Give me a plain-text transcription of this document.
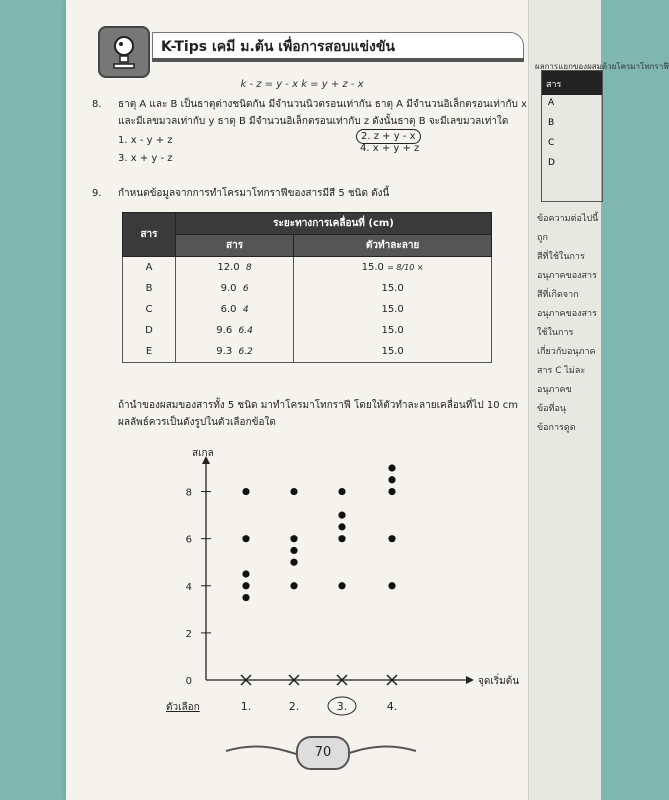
K-Tips เคมี ม.ต้น เพื่อการสอบแข่งขัน
k - z = y - x k = y + z - x
8. ธาตุ A และ B เป็นธาตุต่างชนิดกัน มีจำนวนนิวตรอนเท่ากัน ธาตุ A มีจำนวนอิเล็กตรอนเท่ากับ x
และมีเลขมวลเท่ากับ y ธาตุ B มีจำนวนอิเล็กตรอนเท่ากับ z ดังนั้นธาตุ B จะมีเลขมวลเท่าใด
1. x - y + z	2. z + y - x
3. x + y - z
4. x + y + z
9. กำหนดข้อมูลจากการทำโครมาโทกราฟีของสารมีสี 5 ชนิด ดังนี้
สาร	ระยะทางการเคลื่อนที่ (cm)	
	สาร	ตัวทำละลาย
A	12.0 8	15.0 = 8/10 ×
B	9.0 6	15.0
C	6.0 4	15.0
D	9.6 6.4	15.0
E	9.3 6.2	15.0
ถ้านำของผสมของสารทั้ง 5 ชนิด มาทำโครมาโทกราฟี โดยให้ตัวทำละลายเคลื่อนที่ไป 10 cm
ผลลัพธ์ควรเป็นดังรูปในตัวเลือกข้อใด
สเกล
จุดเริ่มต้น
0
2
4
6
8
ตัวเลือก	1.	2.	3.	4.
70
ผลการแยกของผสมด้วยโครมาโทกราฟี
สาร
A
B
C
D
ข้อความต่อไปนี้ถูก
สีที่ใช้ในการ
อนุภาคของสาร
สีที่เกิดจาก
อนุภาคของสาร
ใช้ในการ
เกี่ยวกับอนุภาค
สาร C ไม่ละ
อนุภาคข
ข้อที่อนุ
ข้อการดูด
